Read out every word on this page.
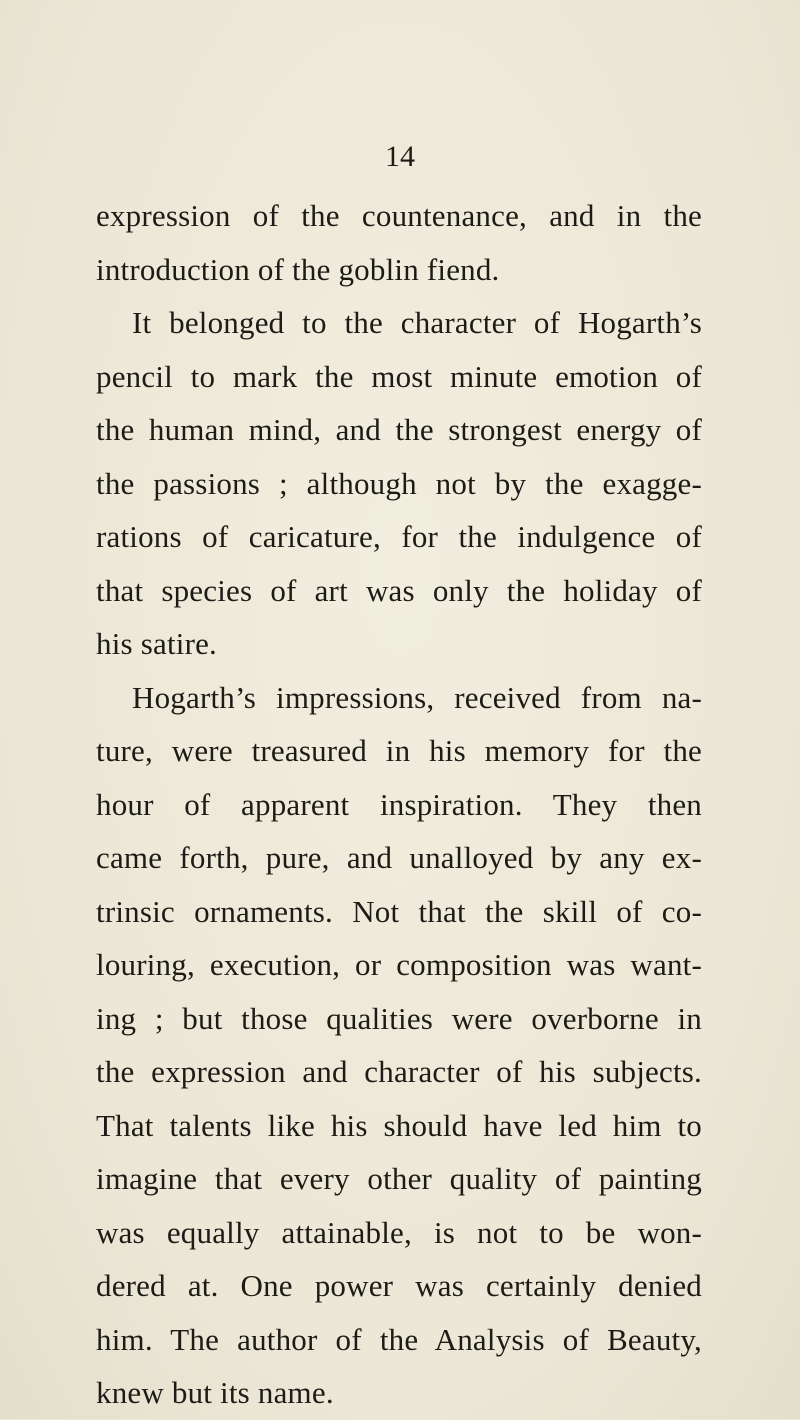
14
expression of the countenance, and in the
introduction of the goblin fiend.
It belonged to the character of Hogarth’s
pencil to mark the most minute emotion of
the human mind, and the strongest energy of
the passions ; although not by the exagge-
rations of caricature, for the indulgence of
that species of art was only the holiday of
his satire.
Hogarth’s impressions, received from na-
ture, were treasured in his memory for the
hour of apparent inspiration. They then
came forth, pure, and unalloyed by any ex-
trinsic ornaments. Not that the skill of co-
louring, execution, or composition was want-
ing ; but those qualities were overborne in
the expression and character of his subjects.
That talents like his should have led him to
imagine that every other quality of painting
was equally attainable, is not to be won-
dered at. One power was certainly denied
him. The author of the Analysis of Beauty,
knew but its name.
